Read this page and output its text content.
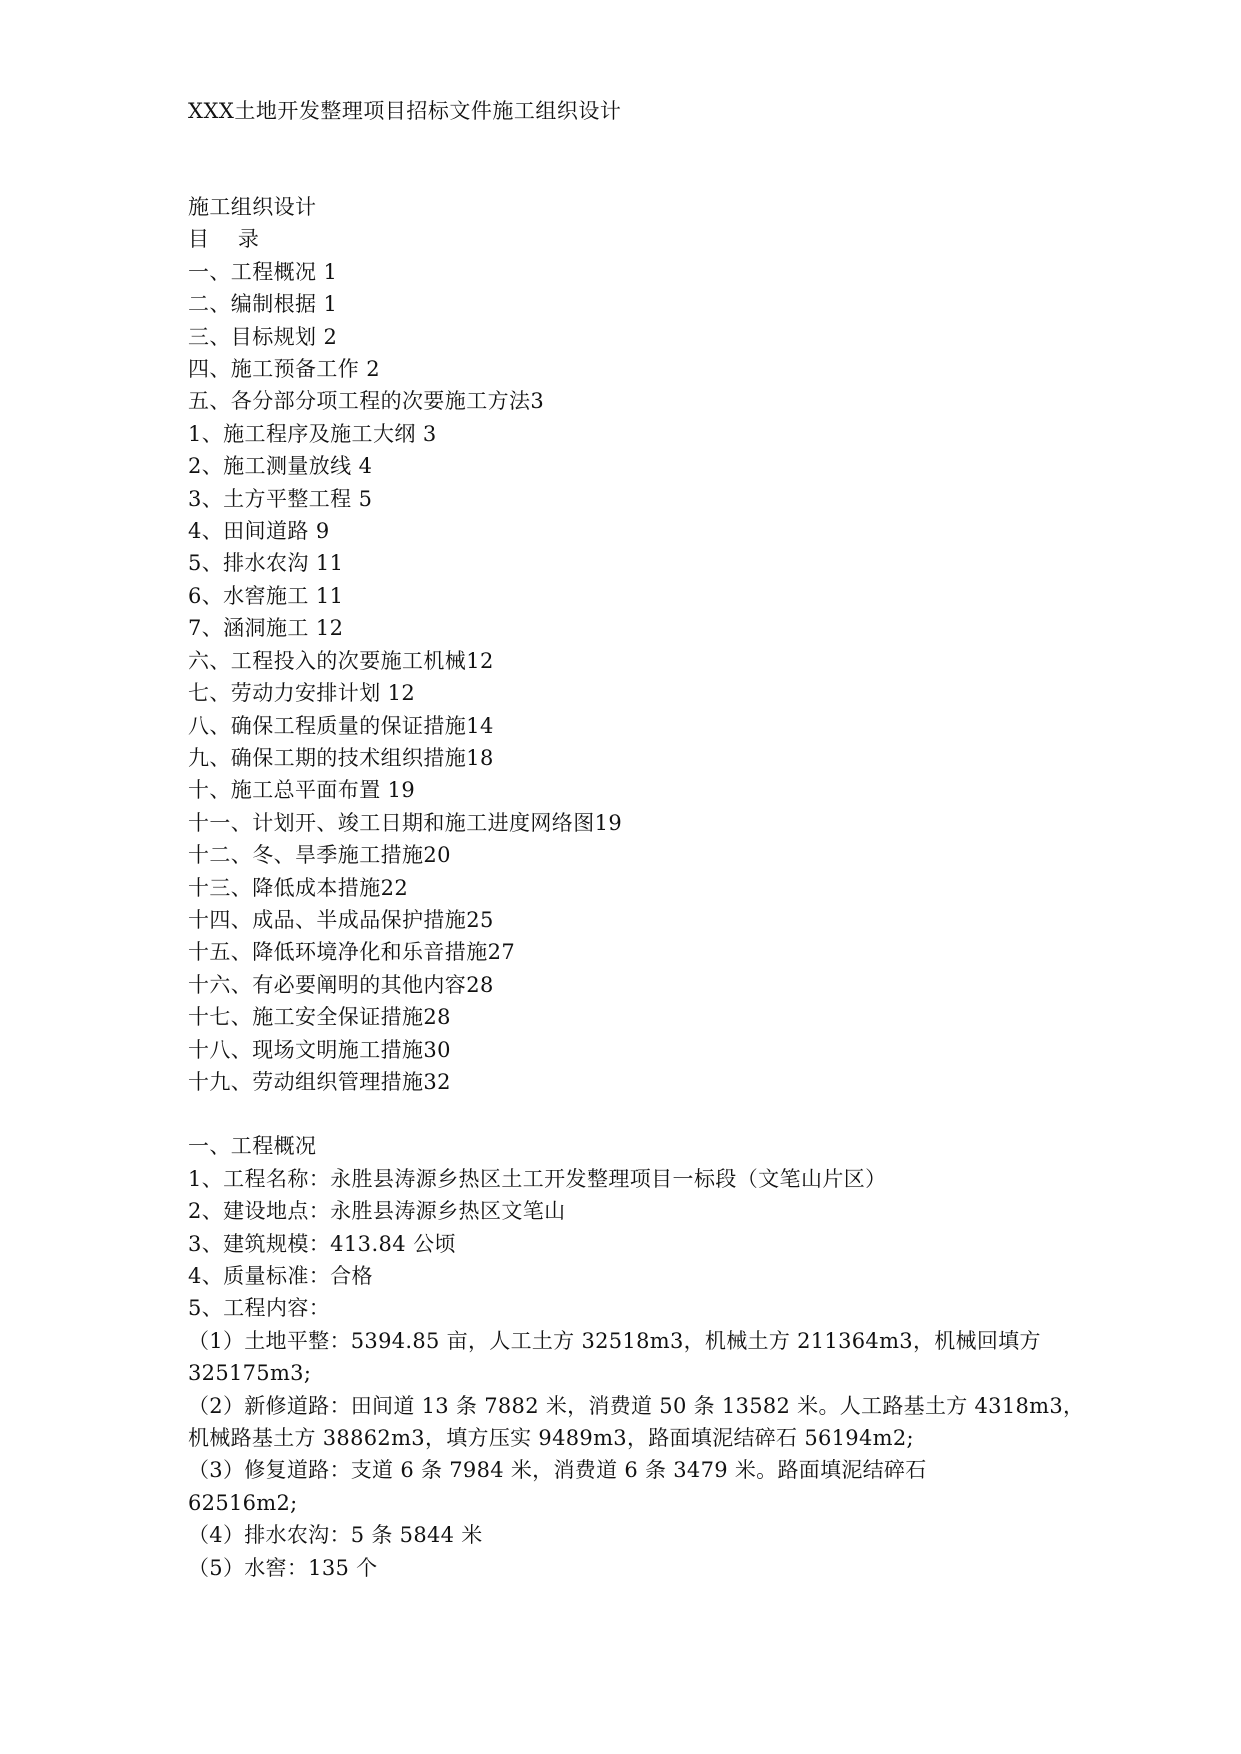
XXX土地开发整理项目招标文件施工组织设计
施工组织设计
目　 录
一、工程概况 1
二、编制根据 1
三、目标规划 2
四、施工预备工作 2
五、各分部分项工程的次要施工方法3
1、施工程序及施工大纲 3
2、施工测量放线 4
3、土方平整工程 5
4、田间道路 9
5、排水农沟 11
6、水窖施工 11
7、涵洞施工 12
六、工程投入的次要施工机械12
七、劳动力安排计划 12
八、确保工程质量的保证措施14
九、确保工期的技术组织措施18
十、施工总平面布置 19
十一、计划开、竣工日期和施工进度网络图19
十二、冬、旱季施工措施20
十三、降低成本措施22
十四、成品、半成品保护措施25
十五、降低环境净化和乐音措施27
十六、有必要阐明的其他内容28
十七、施工安全保证措施28
十八、现场文明施工措施30
十九、劳动组织管理措施32
一、工程概况
1、工程名称：永胜县涛源乡热区土工开发整理项目一标段（文笔山片区）
2、建设地点：永胜县涛源乡热区文笔山
3、建筑规模：413.84 公顷
4、质量标准：合格
5、工程内容：
（1）土地平整：5394.85 亩，人工土方 32518m3，机械土方 211364m3，机械回填方
325175m3;
（2）新修道路：田间道 13 条 7882 米，消费道 50 条 13582 米。人工路基土方 4318m3，
机械路基土方 38862m3，填方压实 9489m3，路面填泥结碎石 56194m2;
（3）修复道路：支道 6 条 7984 米，消费道 6 条 3479 米。路面填泥结碎石
62516m2;
（4）排水农沟：5 条 5844 米
（5）水窖：135 个
